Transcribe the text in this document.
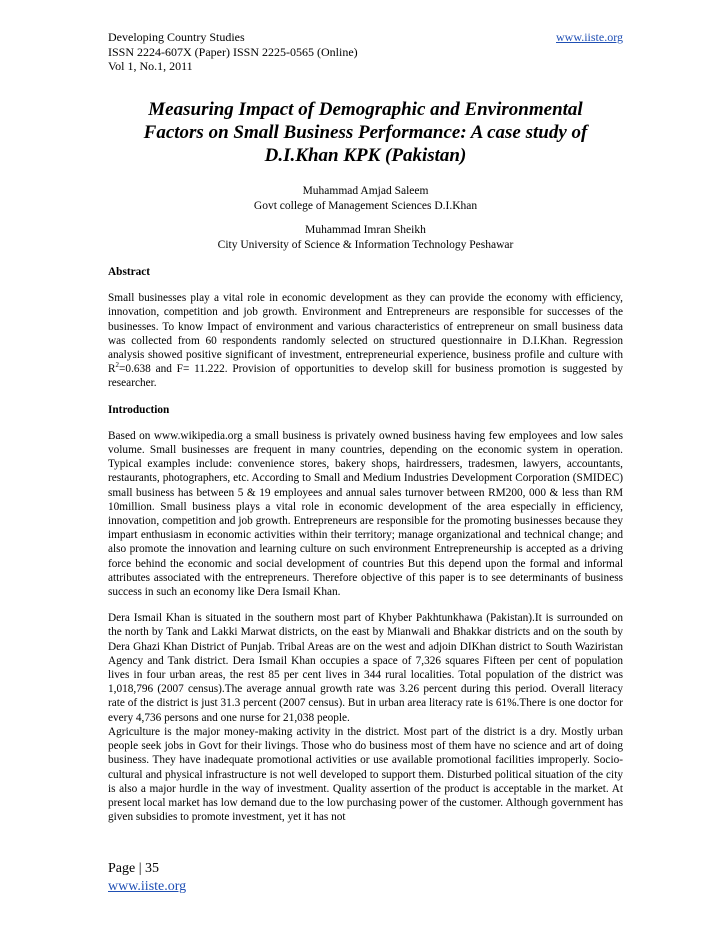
Developing Country Studies
ISSN 2224-607X (Paper) ISSN 2225-0565 (Online)
Vol 1, No.1, 2011
www.iiste.org
Measuring Impact of Demographic and Environmental
Factors on Small Business Performance: A case study of
D.I.Khan KPK (Pakistan)
Muhammad Amjad Saleem
Govt college of Management Sciences D.I.Khan
Muhammad Imran Sheikh
City University of Science & Information Technology Peshawar
Abstract
Small businesses play a vital role in economic development as they can provide the economy with efficiency, innovation, competition and job growth. Environment and Entrepreneurs are responsible for successes of the businesses. To know Impact of environment and various characteristics of entrepreneur on small business data was collected from 60 respondents randomly selected on structured questionnaire in D.I.Khan. Regression analysis showed positive significant of investment, entrepreneurial experience, business profile and culture with $R^2=0.638$ and F= 11.222. Provision of opportunities to develop skill for business promotion is suggested by researcher.
Introduction
Based on www.wikipedia.org a small business is privately owned business having few employees and low sales volume. Small businesses are frequent in many countries, depending on the economic system in operation. Typical examples include: convenience stores, bakery shops, hairdressers, tradesmen, lawyers, accountants, restaurants, photographers, etc. According to Small and Medium Industries Development Corporation (SMIDEC) small business has between 5 & 19 employees and annual sales turnover between RM200, 000 & less than RM 10million. Small business plays a vital role in economic development of the area especially in efficiency, innovation, competition and job growth. Entrepreneurs are responsible for the promoting businesses because they impart enthusiasm in economic activities within their territory; manage organizational and technical change; and also promote the innovation and learning culture on such environment Entrepreneurship is accepted as a driving force behind the economic and social development of countries But this depend upon the formal and informal attributes associated with the entrepreneurs. Therefore objective of this paper is to see determinants of business success in such an economy like Dera Ismail Khan.
Dera Ismail Khan is situated in the southern most part of Khyber Pakhtunkhawa (Pakistan).It is surrounded on the north by Tank and Lakki Marwat districts, on the east by Mianwali and Bhakkar districts and on the south by Dera Ghazi Khan District of Punjab. Tribal Areas are on the west and adjoin DIKhan district to South Waziristan Agency and Tank district. Dera Ismail Khan occupies a space of 7,326 squares Fifteen per cent of population lives in four urban areas, the rest 85 per cent lives in 344 rural localities. Total population of the district was 1,018,796 (2007 census).The average annual growth rate was 3.26 percent during this period. Overall literacy rate of the district is just 31.3 percent (2007 census). But in urban area literacy rate is 61%.There is one doctor for every 4,736 persons and one nurse for 21,038 people.
Agriculture is the major money-making activity in the district. Most part of the district is a dry. Mostly urban people seek jobs in Govt for their livings. Those who do business most of them have no science and art of doing business. They have inadequate promotional activities or use available promotional facilities improperly. Socio-cultural and physical infrastructure is not well developed to support them. Disturbed political situation of the city is also a major hurdle in the way of investment. Quality assertion of the product is acceptable in the market. At present local market has low demand due to the low purchasing power of the customer. Although government has given subsidies to promote investment, yet it has not
Page | 35
www.iiste.org
